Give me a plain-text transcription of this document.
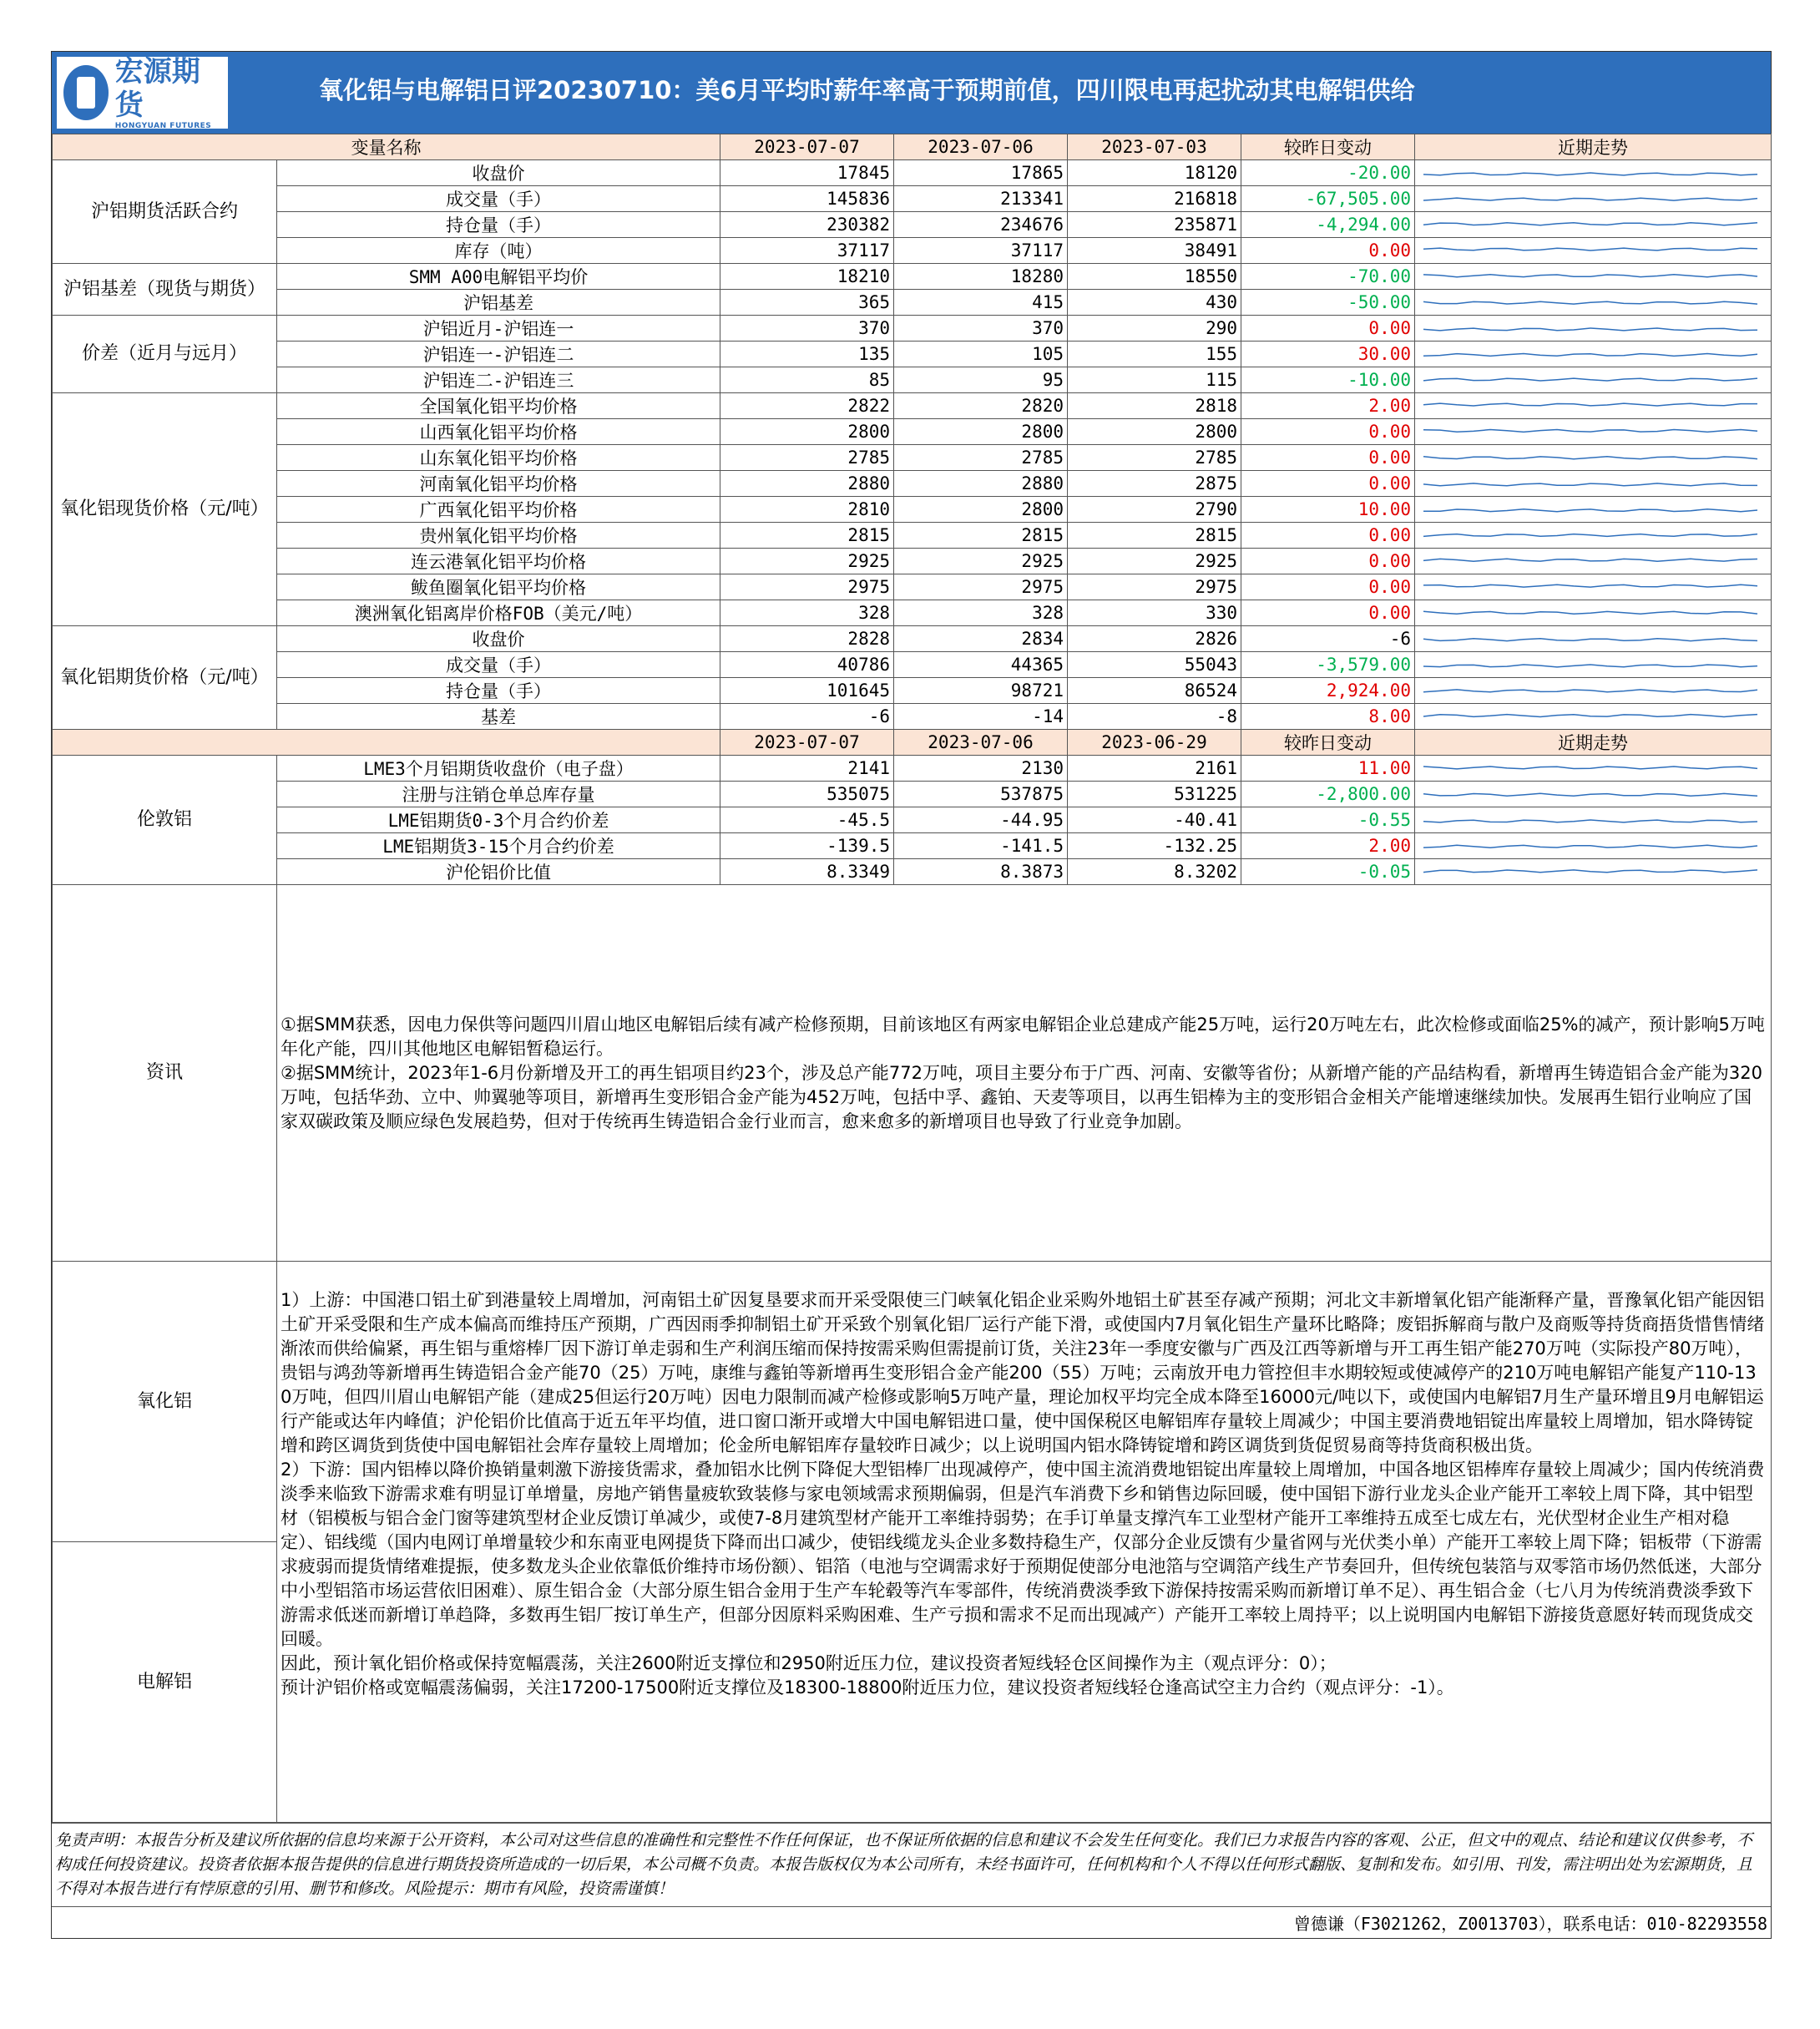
宏源期货
HONGYUAN FUTURES
氧化铝与电解铝日评20230710：美6月平均时薪年率高于预期前值，四川限电再起扰动其电解铝供给
变量名称		2023-07-07	2023-07-06	2023-07-03	较昨日变动	近期走势
沪铝期货活跃合约	收盘价	17845	17865	18120	-20.00	

	成交量（手）	145836	213341	216818	-67,505.00	

	持仓量（手）	230382	234676	235871	-4,294.00	

	库存（吨）	37117	37117	38491	0.00	

沪铝基差（现货与期货）	SMM A00电解铝平均价	18210	18280	18550	-70.00	

	沪铝基差	365	415	430	-50.00	

价差（近月与远月）	沪铝近月-沪铝连一	370	370	290	0.00	

	沪铝连一-沪铝连二	135	105	155	30.00	

	沪铝连二-沪铝连三	85	95	115	-10.00	

氧化铝现货价格（元/吨）	全国氧化铝平均价格	2822	2820	2818	2.00	

	山西氧化铝平均价格	2800	2800	2800	0.00	

	山东氧化铝平均价格	2785	2785	2785	0.00	

	河南氧化铝平均价格	2880	2880	2875	0.00	

	广西氧化铝平均价格	2810	2800	2790	10.00	

	贵州氧化铝平均价格	2815	2815	2815	0.00	

	连云港氧化铝平均价格	2925	2925	2925	0.00	

	鲅鱼圈氧化铝平均价格	2975	2975	2975	0.00	

	澳洲氧化铝离岸价格FOB（美元/吨）	328	328	330	0.00	

氧化铝期货价格（元/吨）	收盘价	2828	2834	2826	-6	

	成交量（手）	40786	44365	55043	-3,579.00	

	持仓量（手）	101645	98721	86524	2,924.00	

	基差	-6	-14	-8	8.00	

		2023-07-07	2023-07-06	2023-06-29	较昨日变动	近期走势
伦敦铝	LME3个月铝期货收盘价（电子盘）	2141	2130	2161	11.00	

	注册与注销仓单总库存量	535075	537875	531225	-2,800.00	

	LME铝期货0-3个月合约价差	-45.5	-44.95	-40.41	-0.55	

	LME铝期货3-15个月合约价差	-139.5	-141.5	-132.25	2.00	

	沪伦铝价比值	8.3349	8.3873	8.3202	-0.05	

资讯	①据SMM获悉，因电力保供等问题四川眉山地区电解铝后续有减产检修预期，目前该地区有两家电解铝企业总建成产能25万吨，运行20万吨左右，此次检修或面临25%的减产，预计影响5万吨年化产能，四川其他地区电解铝暂稳运行。
②据SMM统计，2023年1-6月份新增及开工的再生铝项目约23个，涉及总产能772万吨，项目主要分布于广西、河南、安徽等省份；从新增产能的产品结构看，新增再生铸造铝合金产能为320万吨，包括华劲、立中、帅翼驰等项目，新增再生变形铝合金产能为452万吨，包括中孚、鑫铂、天麦等项目，以再生铝棒为主的变形铝合金相关产能增速继续加快。发展再生铝行业响应了国家双碳政策及顺应绿色发展趋势，但对于传统再生铸造铝合金行业而言，愈来愈多的新增项目也导致了行业竞争加剧。					
氧化铝	1）上游：中国港口铝土矿到港量较上周增加，河南铝土矿因复垦要求而开采受限使三门峡氧化铝企业采购外地铝土矿甚至存减产预期；河北文丰新增氧化铝产能渐释产量，晋豫氧化铝产能因铝土矿开采受限和生产成本偏高而维持压产预期，广西因雨季抑制铝土矿开采致个别氧化铝厂运行产能下滑，或使国内7月氧化铝生产量环比略降；废铝拆解商与散户及商贩等持货商捂货惜售情绪渐浓而供给偏紧，再生铝与重熔棒厂因下游订单走弱和生产利润压缩而保持按需采购但需提前订货，关注23年一季度安徽与广西及江西等新增与开工再生铝产能270万吨（实际投产80万吨），贵铝与鸿劲等新增再生铸造铝合金产能70（25）万吨，康维与鑫铂等新增再生变形铝合金产能200（55）万吨；云南放开电力管控但丰水期较短或使减停产的210万吨电解铝产能复产110-130万吨，但四川眉山电解铝产能（建成25但运行20万吨）因电力限制而减产检修或影响5万吨产量，理论加权平均完全成本降至16000元/吨以下，或使国内电解铝7月生产量环增且9月电解铝运行产能或达年内峰值；沪伦铝价比值高于近五年平均值，进口窗口渐开或增大中国电解铝进口量，使中国保税区电解铝库存量较上周减少；中国主要消费地铝锭出库量较上周增加，铝水降铸锭增和跨区调货到货使中国电解铝社会库存量较上周增加；伦金所电解铝库存量较昨日减少；以上说明国内铝水降铸锭增和跨区调货到货促贸易商等持货商积极出货。
2）下游：国内铝棒以降价换销量刺激下游接货需求，叠加铝水比例下降促大型铝棒厂出现减停产，使中国主流消费地铝锭出库量较上周增加，中国各地区铝棒库存量较上周减少；国内传统消费淡季来临致下游需求难有明显订单增量，房地产销售量疲软致装修与家电领域需求预期偏弱，但是汽车消费下乡和销售边际回暖，使中国铝下游行业龙头企业产能开工率较上周下降，其中铝型材（铝模板与铝合金门窗等建筑型材企业反馈订单减少，或使7-8月建筑型材产能开工率维持弱势；在手订单量支撑汽车工业型材产能开工率维持五成至七成左右，光伏型材企业生产相对稳定）、铝线缆（国内电网订单增量较少和东南亚电网提货下降而出口减少，使铝线缆龙头企业多数持稳生产，仅部分企业反馈有少量省网与光伏类小单）产能开工率较上周下降；铝板带（下游需求疲弱而提货情绪难提振，使多数龙头企业依靠低价维持市场份额）、铝箔（电池与空调需求好于预期促使部分电池箔与空调箔产线生产节奏回升，但传统包装箔与双零箔市场仍然低迷，大部分中小型铝箔市场运营依旧困难）、原生铝合金（大部分原生铝合金用于生产车轮毂等汽车零部件，传统消费淡季致下游保持按需采购而新增订单不足）、再生铝合金（七八月为传统消费淡季致下游需求低迷而新增订单趋降，多数再生铝厂按订单生产，但部分因原料采购困难、生产亏损和需求不足而出现减产）产能开工率较上周持平；以上说明国内电解铝下游接货意愿好转而现货成交回暖。
因此，预计氧化铝价格或保持宽幅震荡，关注2600附近支撑位和2950附近压力位，建议投资者短线轻仓区间操作为主（观点评分：0）；
预计沪铝价格或宽幅震荡偏弱，关注17200-17500附近支撑位及18300-18800附近压力位，建议投资者短线轻仓逢高试空主力合约（观点评分：-1）。					
电解铝						
免责声明：本报告分析及建议所依据的信息均来源于公开资料，本公司对这些信息的准确性和完整性不作任何保证，也不保证所依据的信息和建议不会发生任何变化。我们已力求报告内容的客观、公正，但文中的观点、结论和建议仅供参考，不构成任何投资建议。投资者依据本报告提供的信息进行期货投资所造成的一切后果，本公司概不负责。本报告版权仅为本公司所有，未经书面许可，任何机构和个人不得以任何形式翻版、复制和发布。如引用、刊发，需注明出处为宏源期货，且不得对本报告进行有悖原意的引用、删节和修改。风险提示：期市有风险，投资需谨慎！
曾德谦（F3021262，Z0013703），联系电话：010-82293558
